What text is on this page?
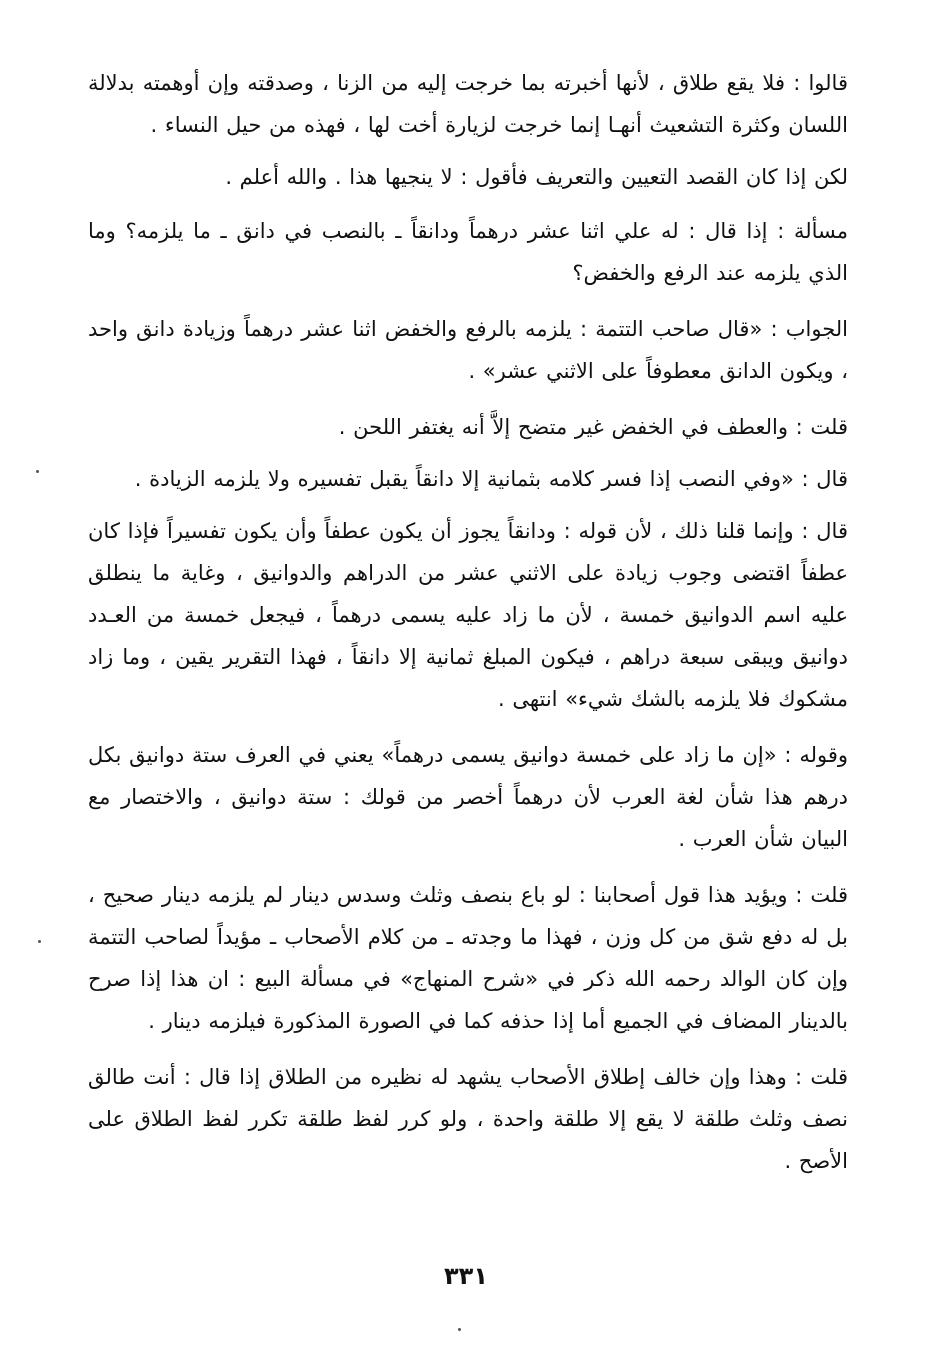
قالوا : فلا يقع طلاق ، لأنها أخبرته بما خرجت إليه من الزنا ، وصدقته وإن أوهمته بدلالة اللسان وكثرة التشعيث أنهـا إنما خرجت لزيارة أخت لها ، فهذه من حيل النساء .

لكن إذا كان القصد التعيين والتعريف فأقول : لا ينجيها هذا . والله أعلم .

مسألة : إذا قال : له علي اثنا عشر درهماً ودانقاً ـ بالنصب في دانق ـ ما يلزمه؟ وما الذي يلزمه عند الرفع والخفض؟

الجواب : «قال صاحب التتمة : يلزمه بالرفع والخفض اثنا عشر درهماً وزيادة دانق واحد ، ويكون الدانق معطوفاً على الاثني عشر» .

قلت : والعطف في الخفض غير متضح إلاَّ أنه يغتفر اللحن .

قال : «وفي النصب إذا فسر كلامه بثمانية إلا دانقاً يقبل تفسيره ولا يلزمه الزيادة .

قال : وإنما قلنا ذلك ، لأن قوله : ودانقاً يجوز أن يكون عطفاً وأن يكون تفسيراً فإذا كان عطفاً اقتضى وجوب زيادة على الاثني عشر من الدراهم والدوانيق ، وغاية ما ينطلق عليه اسم الدوانيق خمسة ، لأن ما زاد عليه يسمى درهماً ، فيجعل خمسة من العـدد دوانيق ويبقى سبعة دراهم ، فيكون المبلغ ثمانية إلا دانقاً ، فهذا التقرير يقين ، وما زاد مشكوك فلا يلزمه بالشك شيء» انتهى .

وقوله : «إن ما زاد على خمسة دوانيق يسمى درهماً» يعني في العرف ستة دوانيق بكل درهم هذا شأن لغة العرب لأن درهماً أخصر من قولك : ستة دوانيق ، والاختصار مع البيان شأن العرب .

قلت : ويؤيد هذا قول أصحابنا : لو باع بنصف وثلث وسدس دينار لم يلزمه دينار صحيح ، بل له دفع شق من كل وزن ، فهذا ما وجدته ـ من كلام الأصحاب ـ مؤيداً لصاحب التتمة وإن كان الوالد رحمه الله ذكر في «شرح المنهاج» في مسألة البيع : ان هذا إذا صرح بالدينار المضاف في الجميع أما إذا حذفه كما في الصورة المذكورة فيلزمه دينار .

قلت : وهذا وإن خالف إطلاق الأصحاب يشهد له نظيره من الطلاق إذا قال : أنت طالق نصف وثلث طلقة لا يقع إلا طلقة واحدة ، ولو كرر لفظ طلقة تكرر لفظ الطلاق على الأصح .

٣٣١
